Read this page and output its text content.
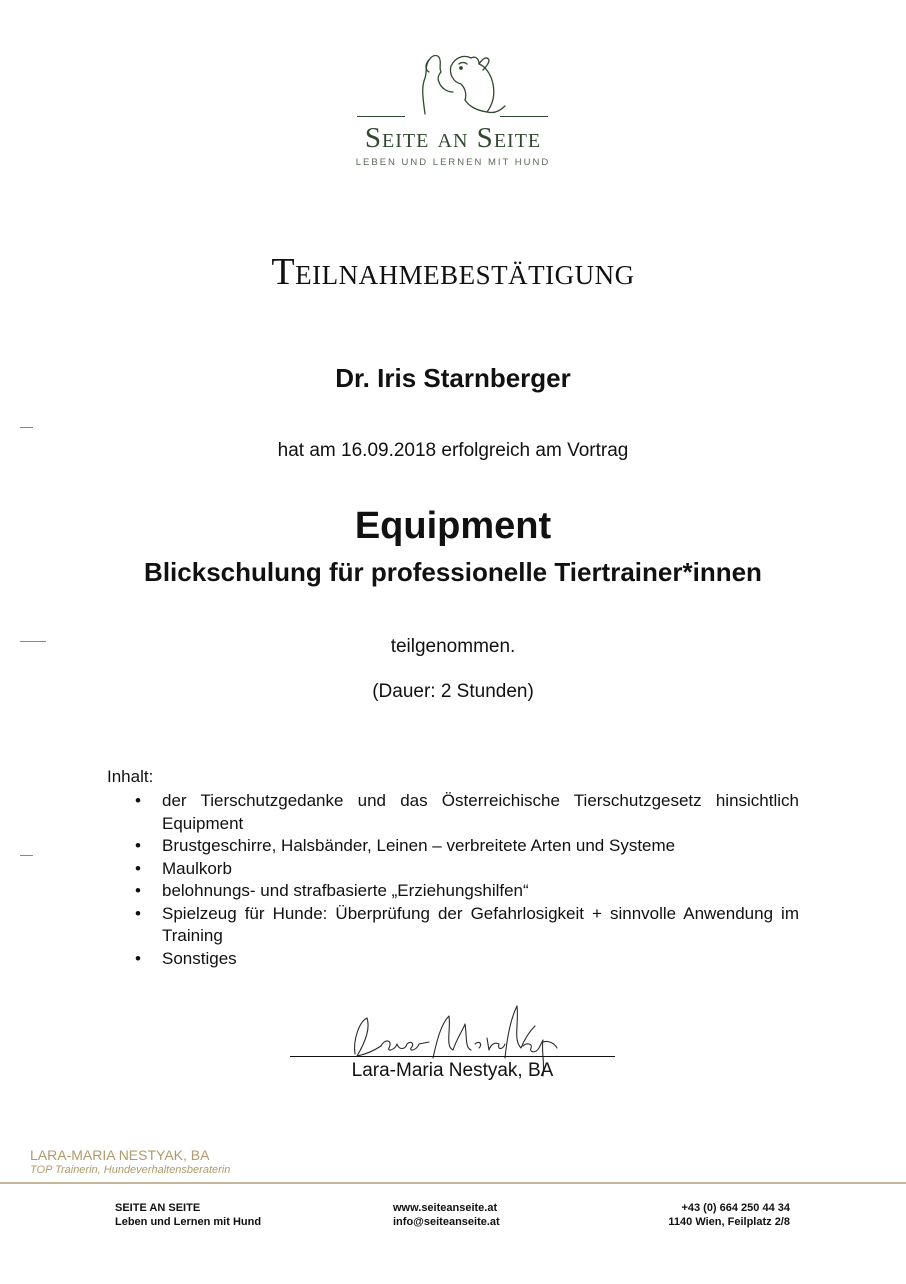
Seite an Seite
LEBEN UND LERNEN MIT HUND
Teilnahmebestätigung
Dr. Iris Starnberger
hat am 16.09.2018 erfolgreich am Vortrag
Equipment
Blickschulung für professionelle Tiertrainer*innen
teilgenommen.
(Dauer: 2 Stunden)
Inhalt:
• der Tierschutzgedanke und das Österreichische Tierschutzgesetz hinsichtlich Equipment
• Brustgeschirre, Halsbänder, Leinen – verbreitete Arten und Systeme
• Maulkorb
• belohnungs- und strafbasierte „Erziehungshilfen“
• Spielzeug für Hunde: Überprüfung der Gefahrlosigkeit + sinnvolle Anwendung im Training
• Sonstiges
Lara-Maria Nestyak, BA
LARA-MARIA NESTYAK, BA
TOP Trainerin, Hundeverhaltensberaterin
SEITE AN SEITE
Leben und Lernen mit Hund
www.seiteanseite.at
info@seiteanseite.at
+43 (0) 664 250 44 34
1140 Wien, Feilplatz 2/8
